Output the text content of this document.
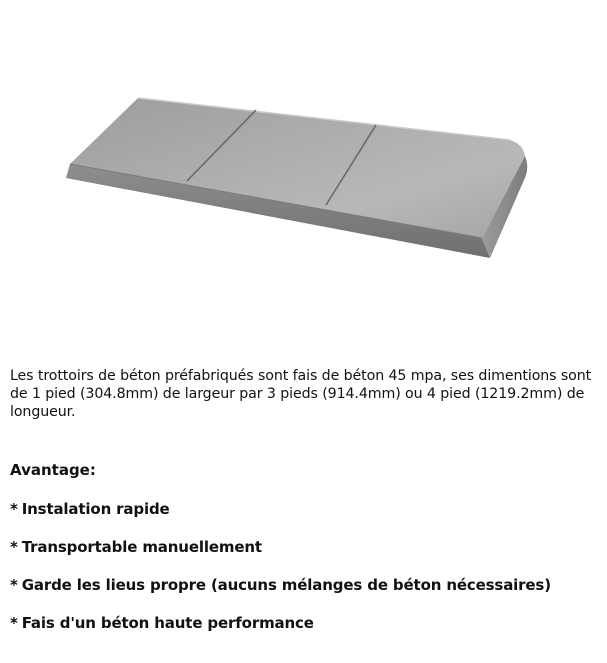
Les trottoirs de béton préfabriqués sont fais de béton 45 mpa, ses dimentions sont de 1 pied (304.8mm) de largeur par 3 pieds (914.4mm) ou 4 pied (1219.2mm) de longueur.

Avantage:
* Instalation rapide
* Transportable manuellement
* Garde les lieus propre (aucuns mélanges de béton nécessaires)
* Fais d'un béton haute performance
